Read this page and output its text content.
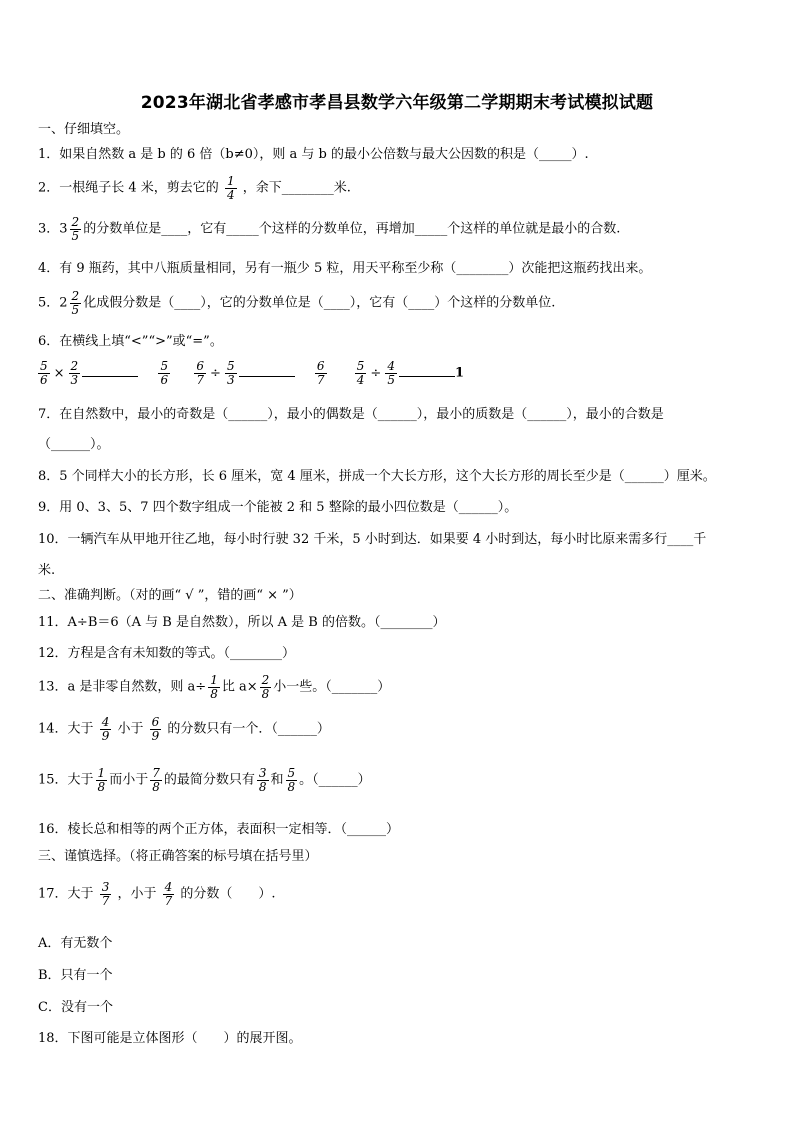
2023年湖北省孝感市孝昌县数学六年级第二学期期末考试模拟试题
一、仔细填空。
1．如果自然数 a 是 b 的 6 倍（b≠0），则 a 与 b 的最小公倍数与最大公因数的积是（_____）.
2．一根绳子长 4 米，剪去它的 $\frac{1}{4}$ ，余下________米.
3．$3 \frac{2}{5}$ 的分数单位是____，它有_____个这样的分数单位，再增加_____个这样的单位就是最小的合数.
4．有 9 瓶药，其中八瓶质量相同，另有一瓶少 5 粒，用天平称至少称（________）次能把这瓶药找出来。
5．$2 \frac{2}{5}$ 化成假分数是（____），它的分数单位是（____），它有（____）个这样的分数单位.
6．在横线上填“<”“>”或“=”。
$\frac{5}{6} \times \frac{2}{3}$
	$\frac{5}{6}$
$\frac{6}{7} \div \frac{5}{3}$
	$\frac{6}{7}$
$\frac{5}{4} \div \frac{4}{5}$	1
7．在自然数中，最小的奇数是（______），最小的偶数是（______），最小的质数是（______），最小的合数是
（______）。
8．5 个同样大小的长方形，长 6 厘米，宽 4 厘米，拼成一个大长方形，这个大长方形的周长至少是（______）厘米。
9．用 0、3、5、7 四个数字组成一个能被 2 和 5 整除的最小四位数是（______）。
10．一辆汽车从甲地开往乙地，每小时行驶 32 千米，5 小时到达．如果要 4 小时到达，每小时比原来需多行____千
米.
二、准确判断。（对的画“ √ ”，错的画“ × ”）
11．A÷B＝6（A 与 B 是自然数），所以 A 是 B 的倍数。（________）
12．方程是含有未知数的等式。（________）
13．a 是非零自然数，则 $a\div \frac{1}{8}$ 比 $a\times \frac{2}{8}$ 小一些。（_______）
14．大于 $\frac{4}{9}$ 小于 $\frac{6}{9}$ 的分数只有一个．（______）
15．大于 $\frac{1}{8}$ 而小于 $\frac{7}{8}$ 的最简分数只有 $\frac{3}{8}$ 和 $\frac{5}{8}$ 。（______）
16．棱长总和相等的两个正方体，表面积一定相等．（______）
三、谨慎选择。（将正确答案的标号填在括号里）
17．大于 $\frac{3}{7}$ ，小于 $\frac{4}{7}$ 的分数（　　）.
A．有无数个
B．只有一个
C．没有一个
18．下图可能是立体图形（　　）的展开图。
